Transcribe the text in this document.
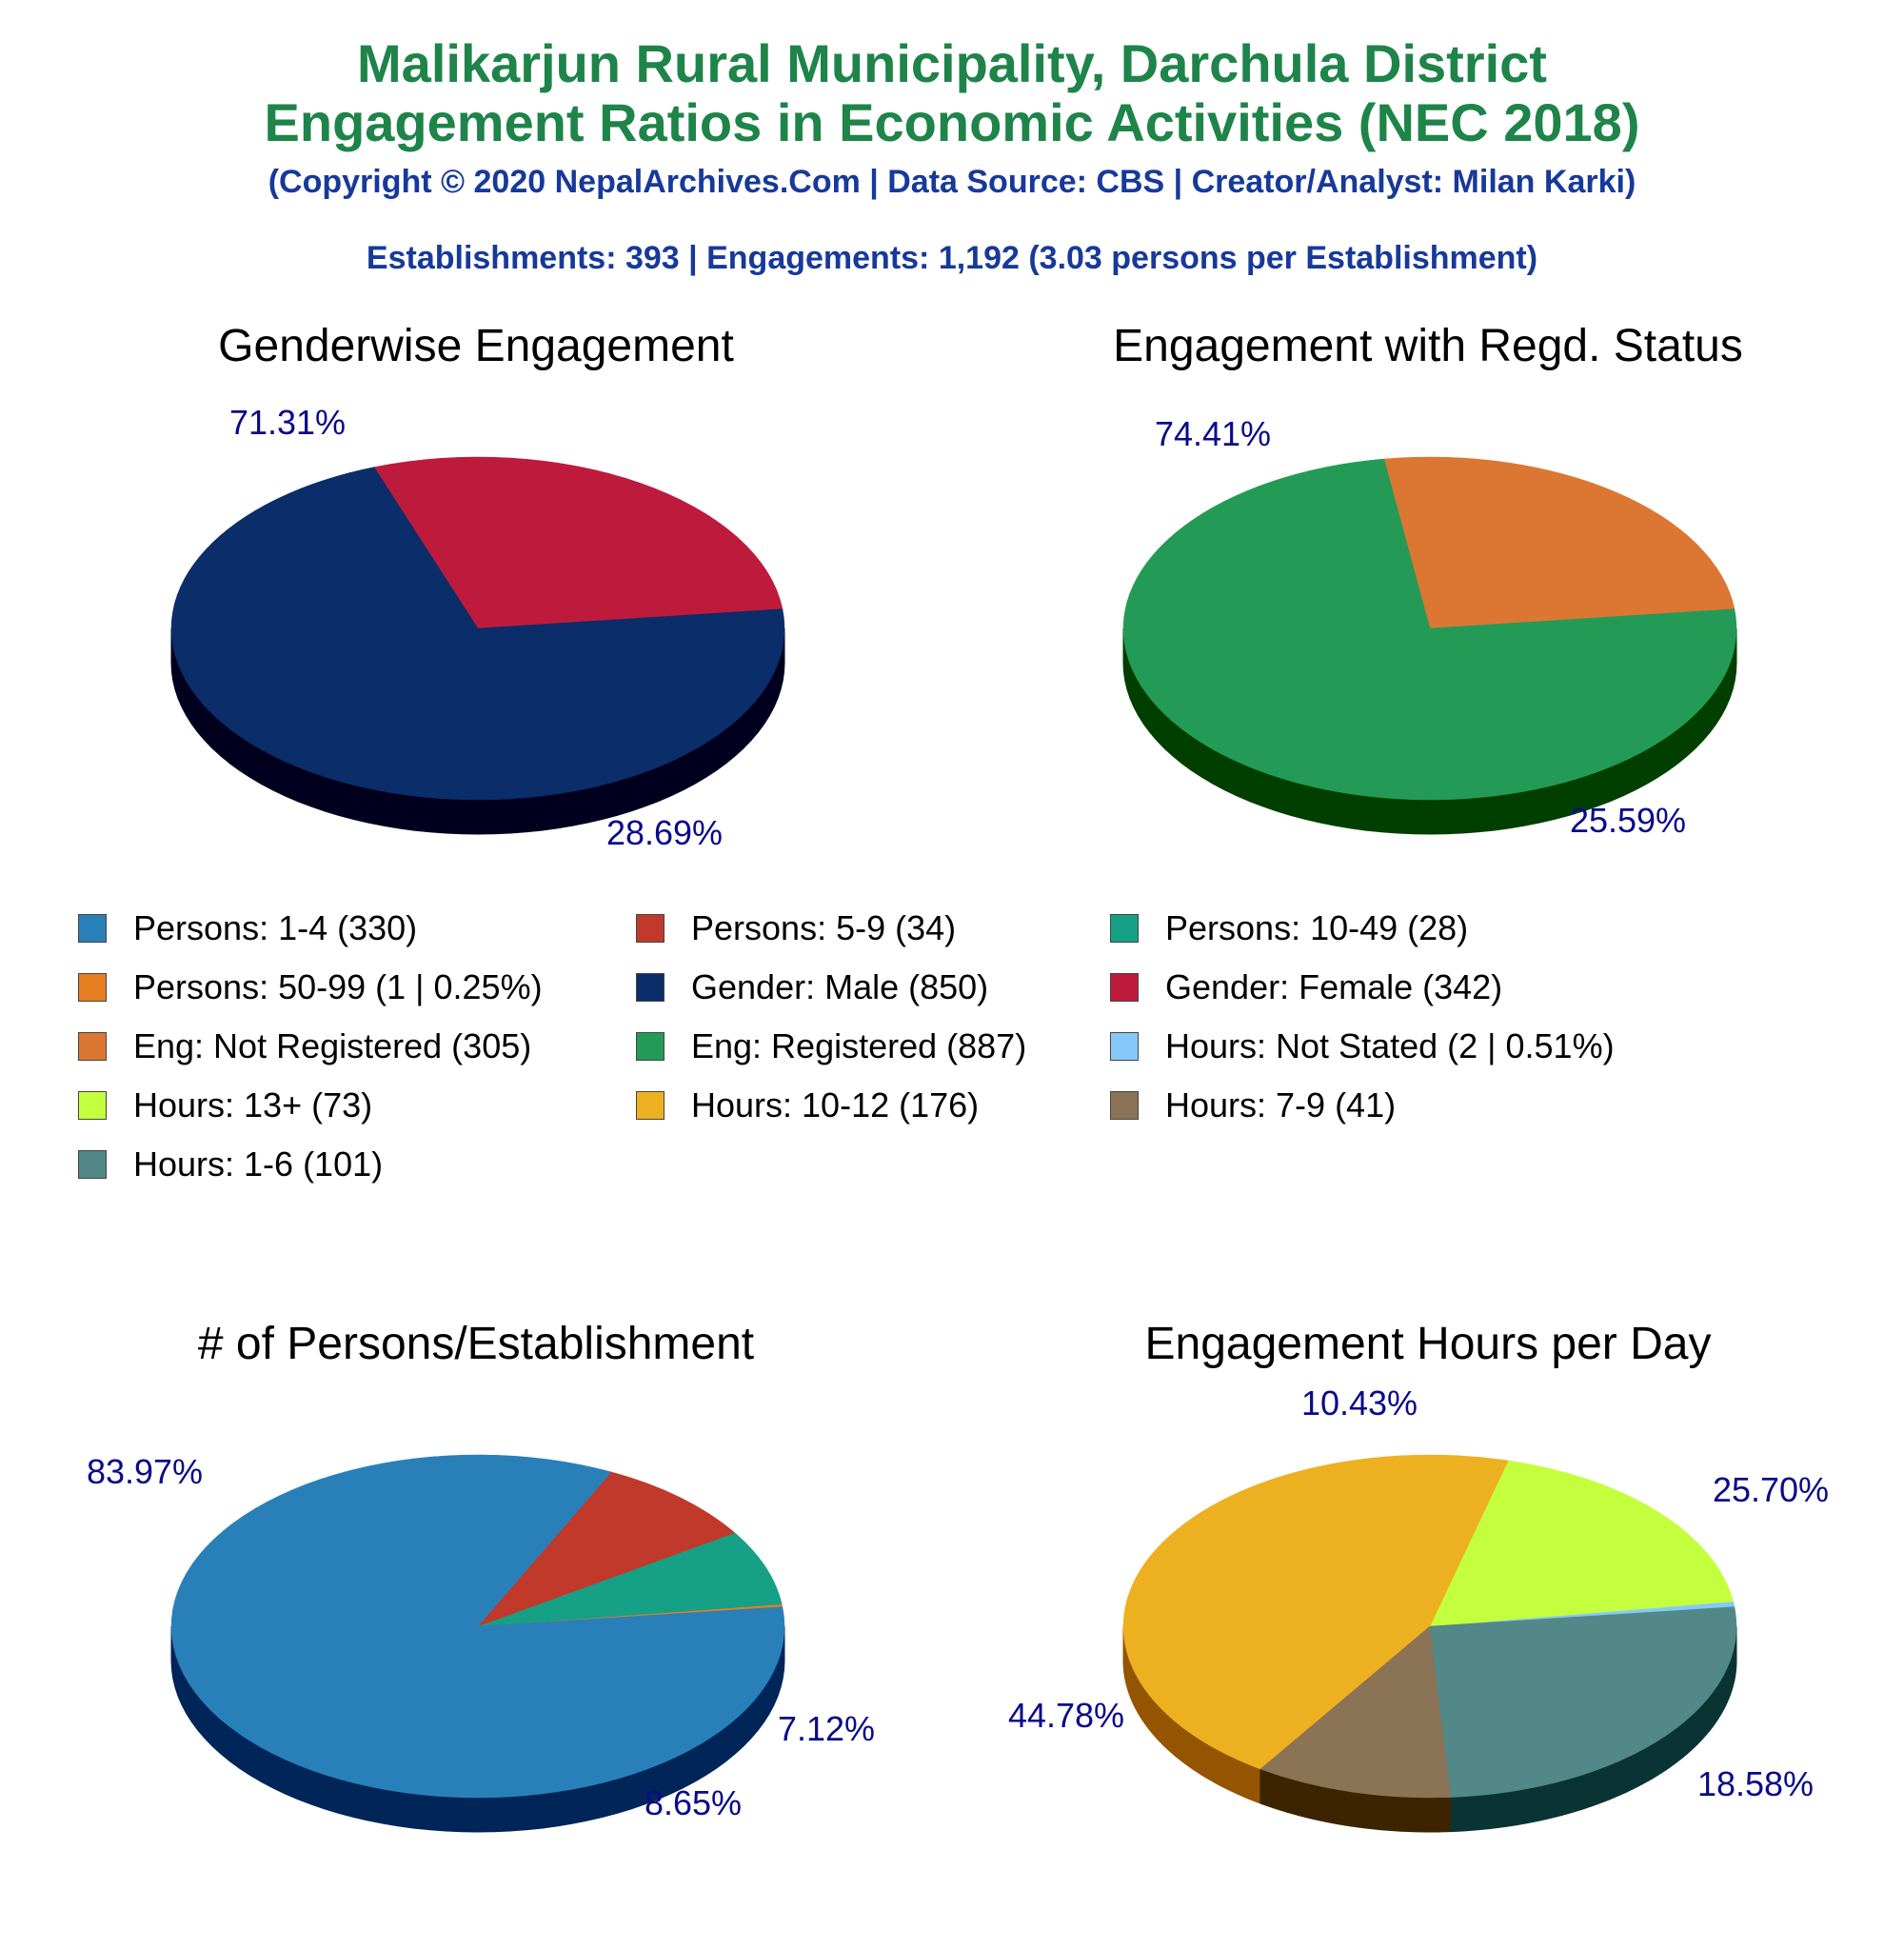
Malikarjun Rural Municipality, Darchula District
Engagement Ratios in Economic Activities (NEC 2018)
(Copyright © 2020 NepalArchives.Com | Data Source: CBS | Creator/Analyst: Milan Karki)
Establishments: 393 | Engagements: 1,192 (3.03 persons per Establishment)
Genderwise Engagement	Engagement with Regd. Status
# of Persons/Establishment	Engagement Hours per Day
28.69%
71.31%
25.59%
74.41%
7.12%
8.65%
83.97%
18.58%
44.78%
10.43%
25.70%
Persons: 1-4 (330)	Persons: 5-9 (34)	Persons: 10-49 (28)
Persons: 50-99 (1 | 0.25%)	Gender: Male (850)	Gender: Female (342)
Eng: Not Registered (305)	Eng: Registered (887)	Hours: Not Stated (2 | 0.51%)
Hours: 13+ (73)	Hours: 10-12 (176)	Hours: 7-9 (41)
Hours: 1-6 (101)
